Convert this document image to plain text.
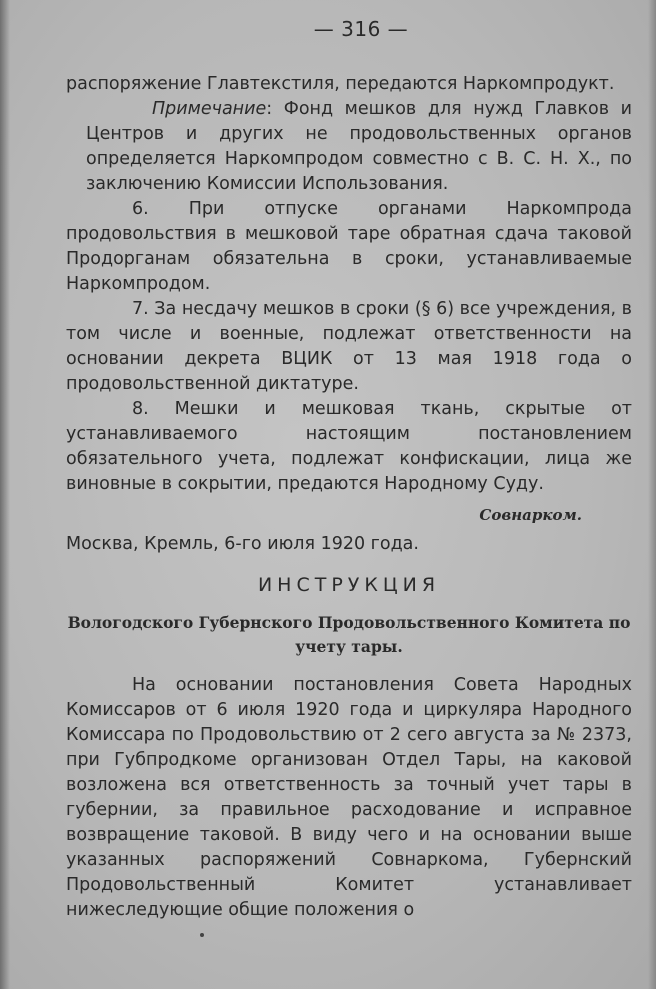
— 316 —

распоряжение Главтекстиля, передаются Наркомпродукт.

Примечание: Фонд мешков для нужд Главков и Центров и других не продовольственных органов определяется Наркомпродом совместно с В. С. Н. Х., по заключению Комиссии Использования.

6. При отпуске органами Наркомпрода продовольствия в мешковой таре обратная сдача таковой Продорганам обязательна в сроки, устанавливаемые Наркомпродом.

7. За несдачу мешков в сроки (§ 6) все учреждения, в том числе и военные, подлежат ответственности на основании декрета ВЦИК от 13 мая 1918 года о продовольственной диктатуре.

8. Мешки и мешковая ткань, скрытые от устанавливаемого настоящим постановлением обязательного учета, подлежат конфискации, лица же виновные в сокрытии, предаются Народному Суду.

Совнарком.
Москва, Кремль, 6-го июля 1920 года.
ИНСТРУКЦИЯ
Вологодского Губернского Продовольственного Комитета по учету тары.

На основании постановления Совета Народных Комиссаров от 6 июля 1920 года и циркуляра Народного Комиссара по Продовольствию от 2 сего августа за № 2373, при Губпродкоме организован Отдел Тары, на каковой возложена вся ответственность за точный учет тары в губернии, за правильное расходование и исправное возвращение таковой. В виду чего и на основании выше указанных распоряжений Совнаркома, Губернский Продовольственный Комитет устанавливает нижеследующие общие положения о
